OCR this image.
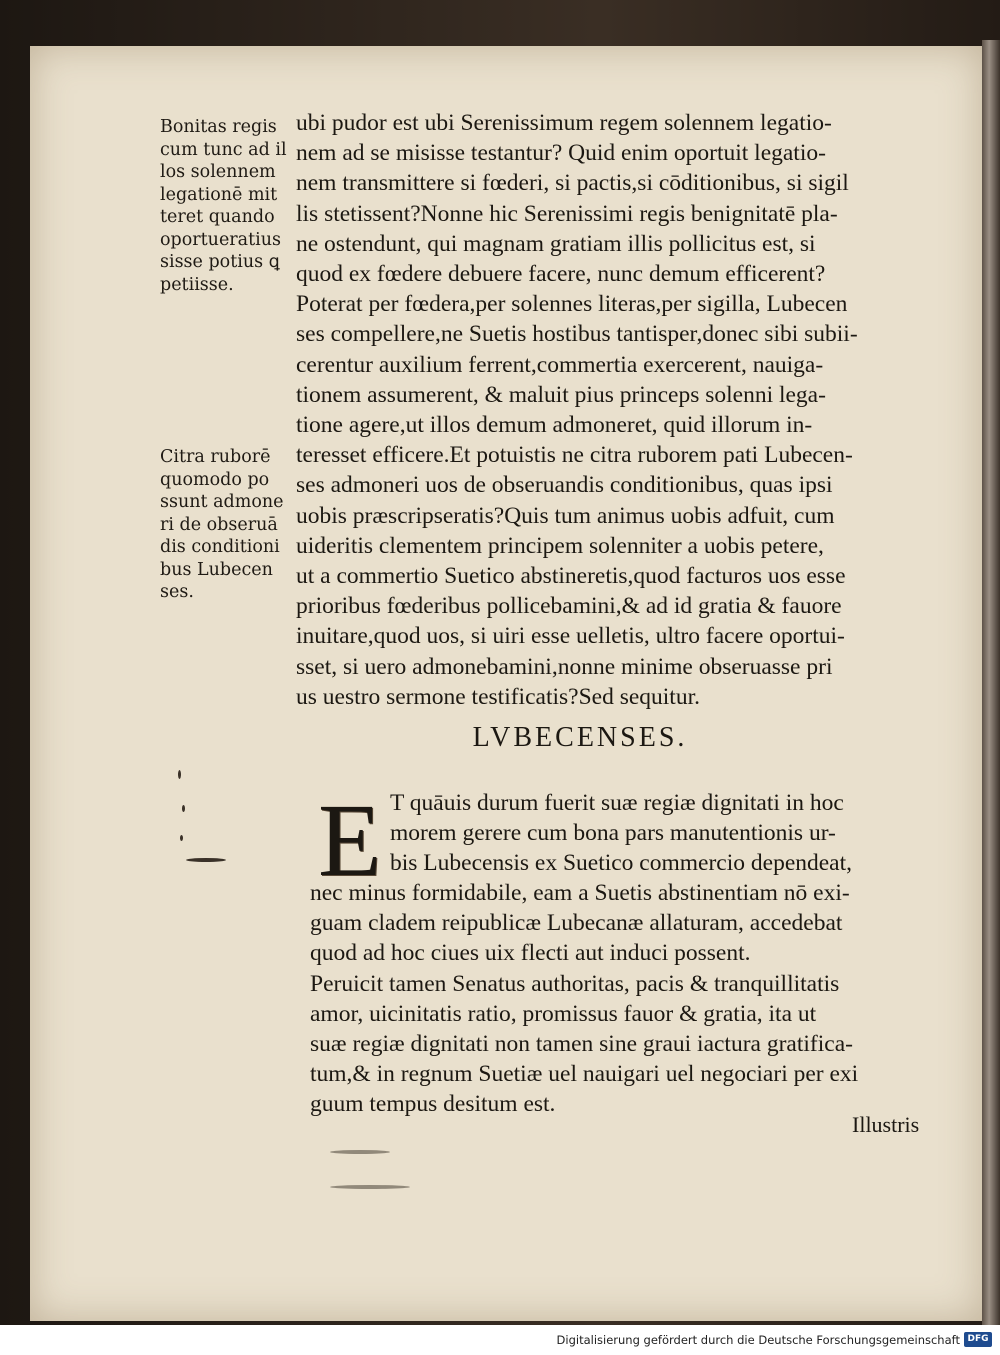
Bonitas regis
cum tunc ad il
los solennem
legationē mit
teret quando
oportueratius
sisse potius ꝗ
petiisse.
Citra ruborē
quomodo po
ssunt admone
ri de obseruā
dis conditioni
bus Lubecen
ses.
ubi pudor est ubi Serenissimum regem solennem legatio-
nem ad se misisse testantur? Quid enim oportuit legatio-
nem transmittere si fœderi, si pactis,si cōditionibus, si sigil
lis stetissent?Nonne hic Serenissimi regis benignitatē pla-
ne ostendunt, qui magnam gratiam illis pollicitus est, si
quod ex fœdere debuere facere, nunc demum efficerent?
Poterat per fœdera,per solennes literas,per sigilla, Lubecen
ses compellere,ne Suetis hostibus tantisper,donec sibi subii-
cerentur auxilium ferrent,commertia exercerent, nauiga-
tionem assumerent, & maluit pius princeps solenni lega-
tione agere,ut illos demum admoneret, quid illorum in-
teresset efficere.Et potuistis ne citra ruborem pati Lubecen-
ses admoneri uos de obseruandis conditionibus, quas ipsi
uobis præscripseratis?Quis tum animus uobis adfuit, cum
uideritis clementem principem solenniter a uobis petere,
ut a commertio Suetico abstineretis,quod facturos uos esse
prioribus fœderibus pollicebamini,& ad id gratia & fauore
inuitare,quod uos, si uiri esse uelletis, ultro facere oportui-
sset, si uero admonebamini,nonne minime obseruasse pri
us uestro sermone testificatis?Sed sequitur.
LVBECENSES.
E T quāuis durum fuerit suæ regiæ dignitati in hoc
morem gerere cum bona pars manutentionis ur-
bis Lubecensis ex Suetico commercio dependeat,
nec minus formidabile, eam a Suetis abstinentiam nō exi-
guam cladem reipublicæ Lubecanæ allaturam, accedebat
quod ad hoc ciues uix flecti aut induci possent.
Peruicit tamen Senatus authoritas, pacis & tranquillitatis
amor, uicinitatis ratio, promissus fauor & gratia, ita ut
suæ regiæ dignitati non tamen sine graui iactura gratifica-
tum,& in regnum Suetiæ uel nauigari uel negociari per exi
guum tempus desitum est.
Illustris
Digitalisierung gefördert durch die Deutsche Forschungsgemeinschaft DFG
